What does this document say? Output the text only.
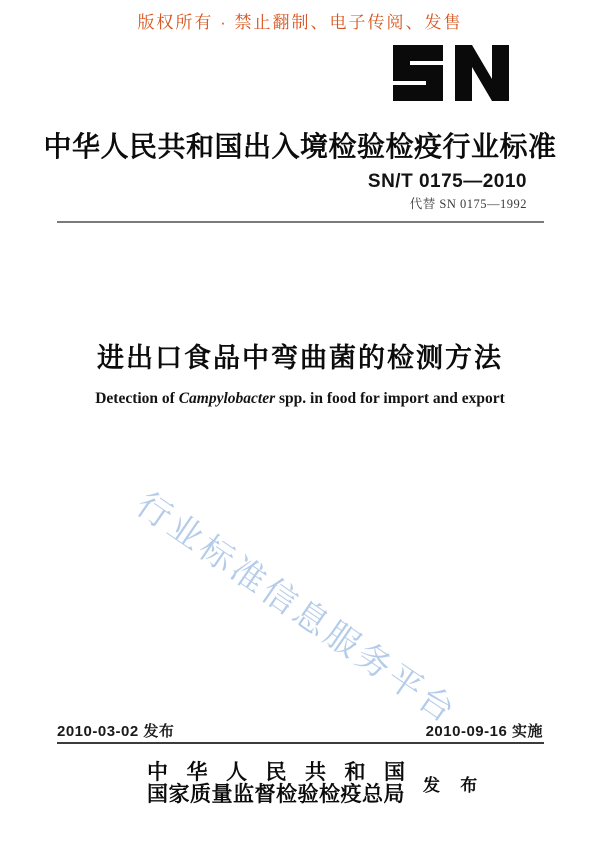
版权所有 · 禁止翻制、电子传阅、发售
中华人民共和国出入境检验检疫行业标准
SN/T 0175—2010
代替 SN 0175—1992
进出口食品中弯曲菌的检测方法
Detection of Campylobacter spp. in food for import and export
行业标准信息服务平台
2010-03-02 发布	2010-09-16 实施
中华人民共和国
国家质量监督检验检疫总局 发 布
